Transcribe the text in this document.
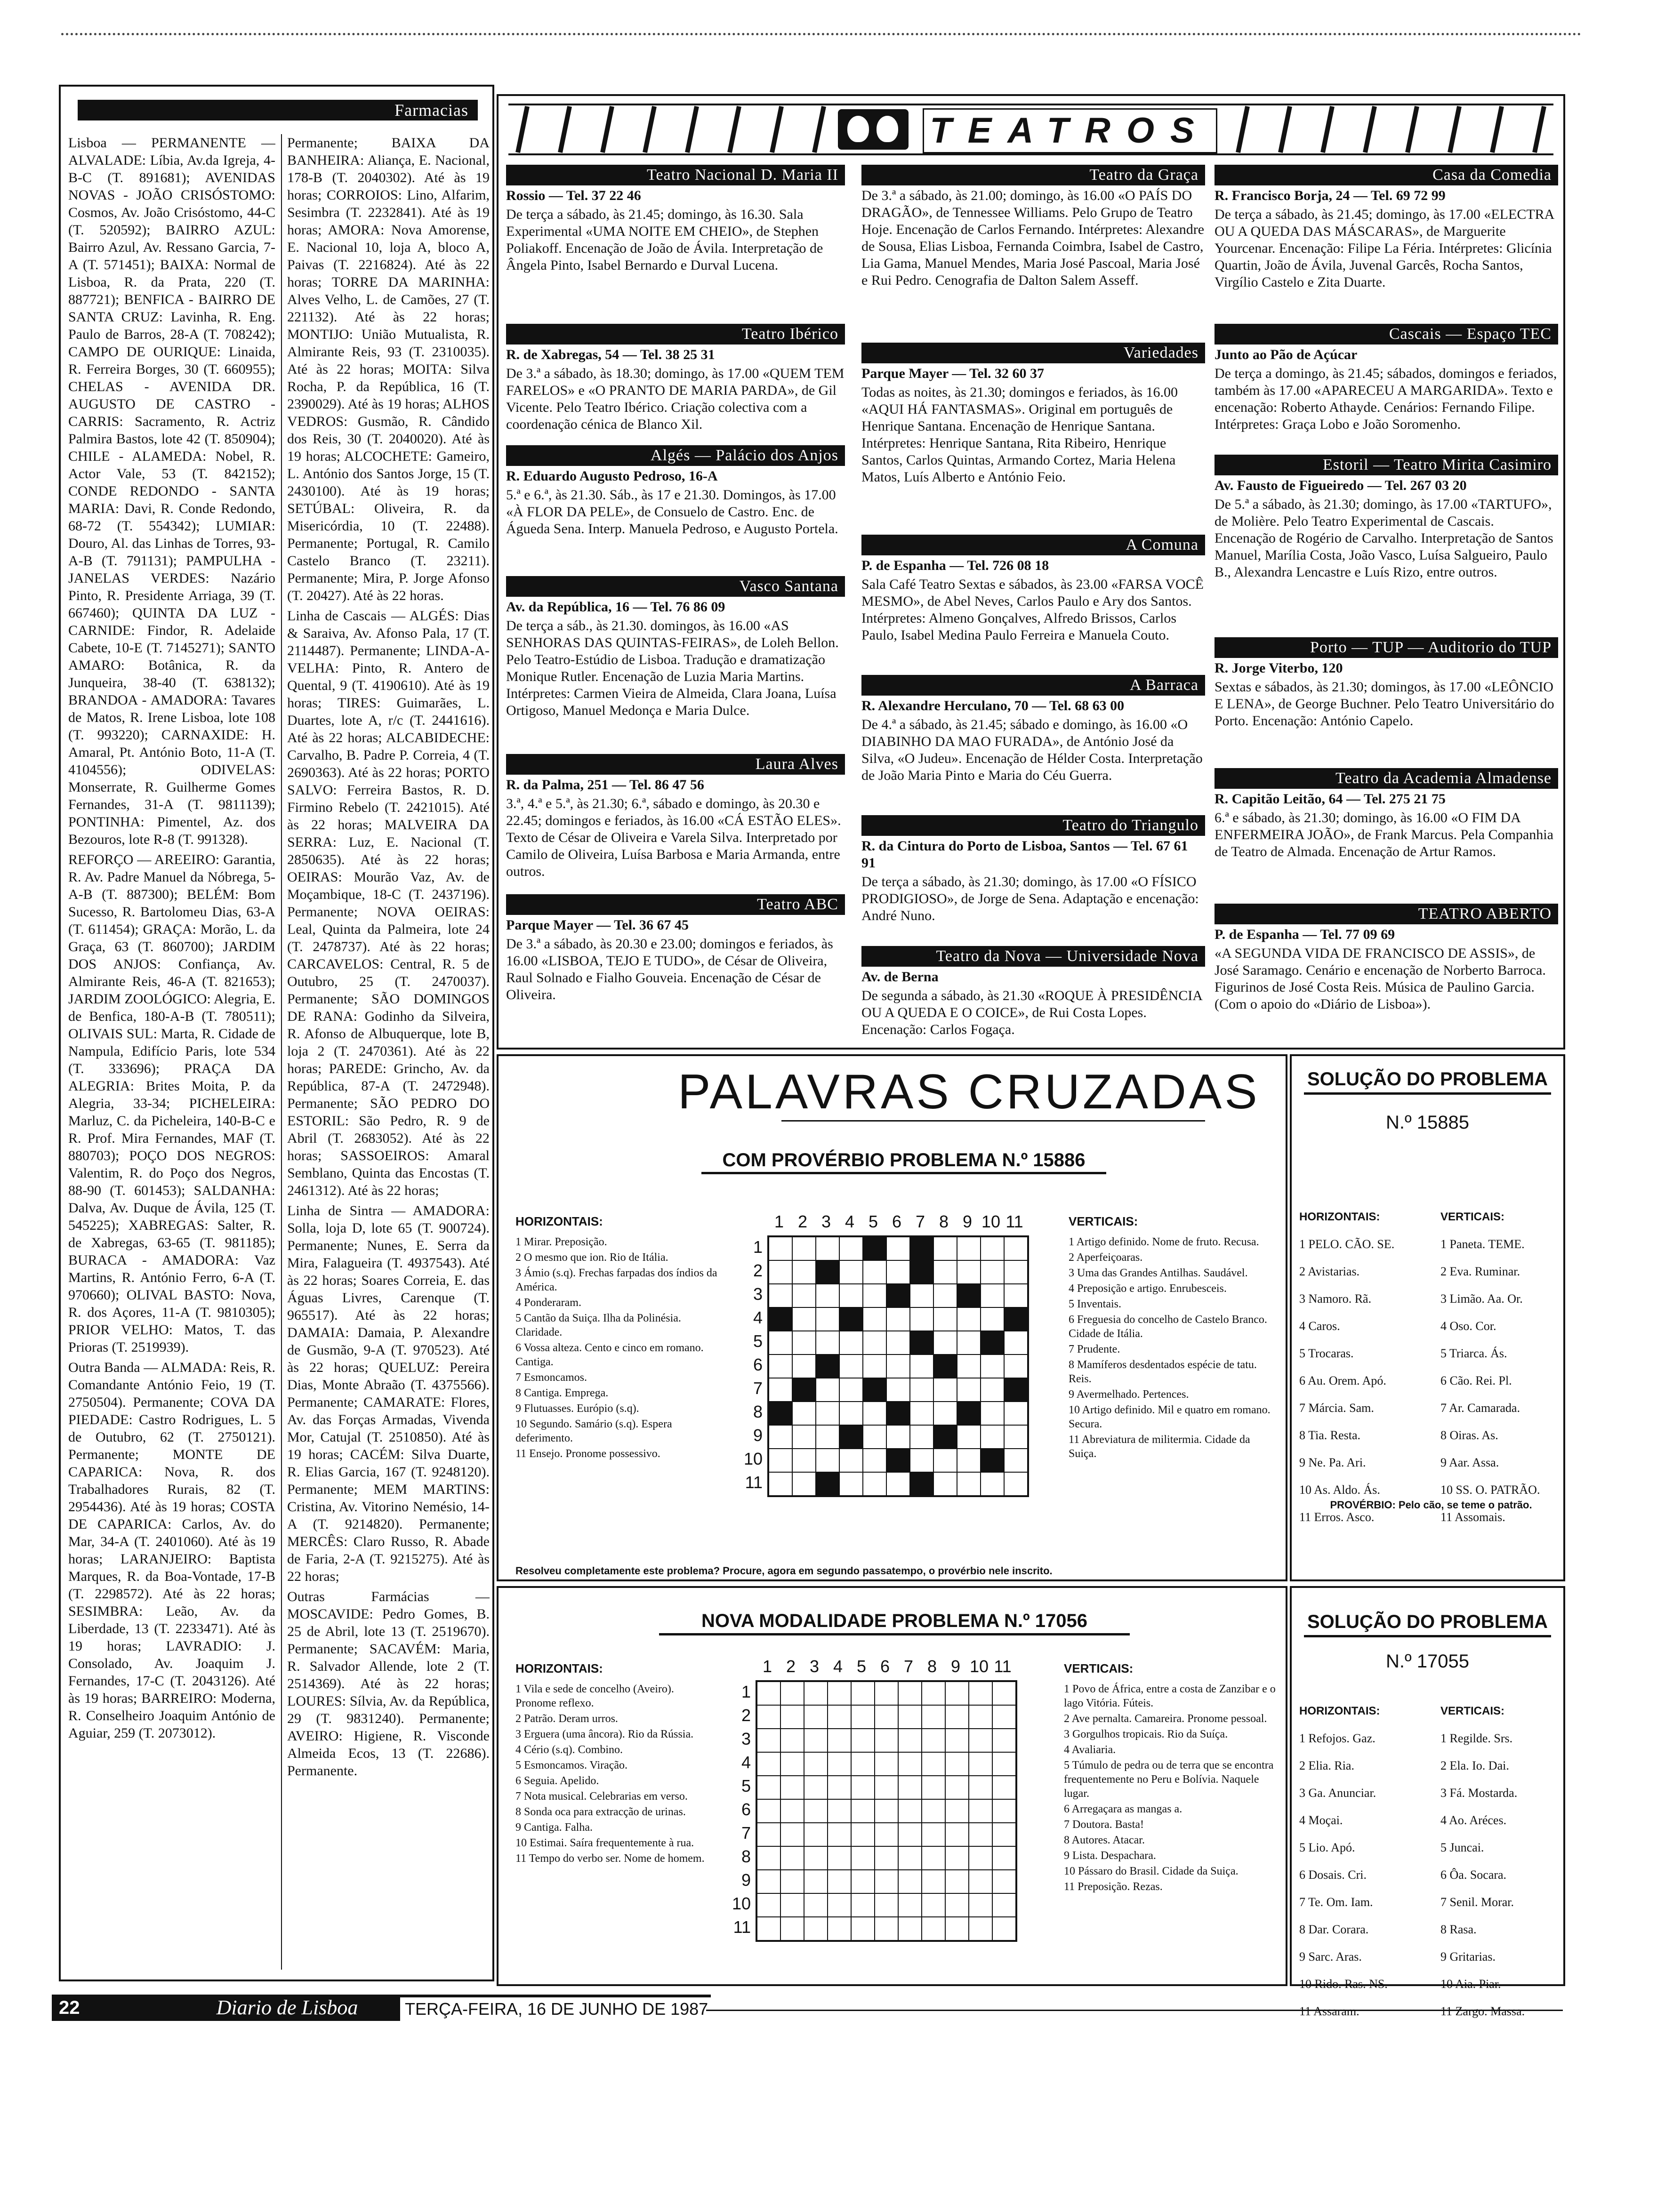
Farmacias

Lisboa — PERMANENTE — ALVALADE: Líbia, Av.da Igreja, 4-B-C (T. 891681); AVENIDAS NOVAS - JOÃO CRISÓSTOMO: Cosmos, Av. João Crisóstomo, 44-C (T. 520592); BAIRRO AZUL: Bairro Azul, Av. Ressano Garcia, 7-A (T. 571451); BAIXA: Normal de Lisboa, R. da Prata, 220 (T. 887721); BENFICA - BAIRRO DE SANTA CRUZ: Lavinha, R. Eng. Paulo de Barros, 28-A (T. 708242); CAMPO DE OURIQUE: Linaida, R. Ferreira Borges, 30 (T. 660955); CHELAS - AVENIDA DR. AUGUSTO DE CASTRO - CARRIS: Sacramento, R. Actriz Palmira Bastos, lote 42 (T. 850904); CHILE - ALAMEDA: Nobel, R. Actor Vale, 53 (T. 842152); CONDE REDONDO - SANTA MARIA: Davi, R. Conde Redondo, 68-72 (T. 554342); LUMIAR: Douro, Al. das Linhas de Torres, 93-A-B (T. 791131); PAMPULHA - JANELAS VERDES: Nazário Pinto, R. Presidente Arriaga, 39 (T. 667460); QUINTA DA LUZ - CARNIDE: Findor, R. Adelaide Cabete, 10-E (T. 7145271); SANTO AMARO: Botânica, R. da Junqueira, 38-40 (T. 638132); BRANDOA - AMADORA: Tavares de Matos, R. Irene Lisboa, lote 108 (T. 993220); CARNAXIDE: H. Amaral, Pt. António Boto, 11-A (T. 4104556); ODIVELAS: Monserrate, R. Guilherme Gomes Fernandes, 31-A (T. 9811139); PONTINHA: Pimentel, Az. dos Bezouros, lote R-8 (T. 991328).

REFORÇO — AREEIRO: Garantia, R. Av. Padre Manuel da Nóbrega, 5-A-B (T. 887300); BELÉM: Bom Sucesso, R. Bartolomeu Dias, 63-A (T. 611454); GRAÇA: Morão, L. da Graça, 63 (T. 860700); JARDIM DOS ANJOS: Confiança, Av. Almirante Reis, 46-A (T. 821653); JARDIM ZOOLÓGICO: Alegria, E. de Benfica, 180-A-B (T. 780511); OLIVAIS SUL: Marta, R. Cidade de Nampula, Edifício Paris, lote 534 (T. 333696); PRAÇA DA ALEGRIA: Brites Moita, P. da Alegria, 33-34; PICHELEIRA: Marluz, C. da Picheleira, 140-B-C e R. Prof. Mira Fernandes, MAF (T. 880703); POÇO DOS NEGROS: Valentim, R. do Poço dos Negros, 88-90 (T. 601453); SALDANHA: Dalva, Av. Duque de Ávila, 125 (T. 545225); XABREGAS: Salter, R. de Xabregas, 63-65 (T. 981185); BURACA - AMADORA: Vaz Martins, R. António Ferro, 6-A (T. 970660); OLIVAL BASTO: Nova, R. dos Açores, 11-A (T. 9810305); PRIOR VELHO: Matos, T. das Prioras (T. 2519939).

Outra Banda — ALMADA: Reis, R. Comandante António Feio, 19 (T. 2750504). Permanente; COVA DA PIEDADE: Castro Rodrigues, L. 5 de Outubro, 62 (T. 2750121). Permanente; MONTE DE CAPARICA: Nova, R. dos Trabalhadores Rurais, 82 (T. 2954436). Até às 19 horas; COSTA DE CAPARICA: Carlos, Av. do Mar, 34-A (T. 2401060). Até às 19 horas; LARANJEIRO: Baptista Marques, R. da Boa-Vontade, 17-B (T. 2298572). Até às 22 horas; SESIMBRA: Leão, Av. da Liberdade, 13 (T. 2233471). Até às 19 horas; LAVRADIO: J. Consolado, Av. Joaquim J. Fernandes, 17-C (T. 2043126). Até às 19 horas; BARREIRO: Moderna, R. Conselheiro Joaquim António de Aguiar, 259 (T. 2073012).

Permanente; BAIXA DA BANHEIRA: Aliança, E. Nacional, 178-B (T. 2040302). Até às 19 horas; CORROIOS: Lino, Alfarim, Sesimbra (T. 2232841). Até às 19 horas; AMORA: Nova Amorense, E. Nacional 10, loja A, bloco A, Paivas (T. 2216824). Até às 22 horas; TORRE DA MARINHA: Alves Velho, L. de Camões, 27 (T. 221132). Até às 22 horas; MONTIJO: União Mutualista, R. Almirante Reis, 93 (T. 2310035). Até às 22 horas; MOITA: Silva Rocha, P. da República, 16 (T. 2390029). Até às 19 horas; ALHOS VEDROS: Gusmão, R. Cândido dos Reis, 30 (T. 2040020). Até às 19 horas; ALCOCHETE: Gameiro, L. António dos Santos Jorge, 15 (T. 2430100). Até às 19 horas; SETÚBAL: Oliveira, R. da Misericórdia, 10 (T. 22488). Permanente; Portugal, R. Camilo Castelo Branco (T. 23211). Permanente; Mira, P. Jorge Afonso (T. 20427). Até às 22 horas.

Linha de Cascais — ALGÉS: Dias & Saraiva, Av. Afonso Pala, 17 (T. 2114487). Permanente; LINDA-A-VELHA: Pinto, R. Antero de Quental, 9 (T. 4190610). Até às 19 horas; TIRES: Guimarães, L. Duartes, lote A, r/c (T. 2441616). Até às 22 horas; ALCABIDECHE: Carvalho, B. Padre P. Correia, 4 (T. 2690363). Até às 22 horas; PORTO SALVO: Ferreira Bastos, R. D. Firmino Rebelo (T. 2421015). Até às 22 horas; MALVEIRA DA SERRA: Luz, E. Nacional (T. 2850635). Até às 22 horas; OEIRAS: Mourão Vaz, Av. de Moçambique, 18-C (T. 2437196). Permanente; NOVA OEIRAS: Leal, Quinta da Palmeira, lote 24 (T. 2478737). Até às 22 horas; CARCAVELOS: Central, R. 5 de Outubro, 25 (T. 2470037). Permanente; SÃO DOMINGOS DE RANA: Godinho da Silveira, R. Afonso de Albuquerque, lote B, loja 2 (T. 2470361). Até às 22 horas; PAREDE: Grincho, Av. da República, 87-A (T. 2472948). Permanente; SÃO PEDRO DO ESTORIL: São Pedro, R. 9 de Abril (T. 2683052). Até às 22 horas; SASSOEIROS: Amaral Semblano, Quinta das Encostas (T. 2461312). Até às 22 horas;

Linha de Sintra — AMADORA: Solla, loja D, lote 65 (T. 900724). Permanente; Nunes, E. Serra da Mira, Falagueira (T. 4937543). Até às 22 horas; Soares Correia, E. das Águas Livres, Carenque (T. 965517). Até às 22 horas; DAMAIA: Damaia, P. Alexandre de Gusmão, 9-A (T. 970523). Até às 22 horas; QUELUZ: Pereira Dias, Monte Abraão (T. 4375566). Permanente; CAMARATE: Flores, Av. das Forças Armadas, Vivenda Mor, Catujal (T. 2510850). Até às 19 horas; CACÉM: Silva Duarte, R. Elias Garcia, 167 (T. 9248120). Permanente; MEM MARTINS: Cristina, Av. Vitorino Nemésio, 14-A (T. 9214820). Permanente; MERCÊS: Claro Russo, R. Abade de Faria, 2-A (T. 9215275). Até às 22 horas;

Outras Farmácias — MOSCAVIDE: Pedro Gomes, B. 25 de Abril, lote 13 (T. 2519670). Permanente; SACAVÉM: Maria, R. Salvador Allende, lote 2 (T. 2514369). Até às 22 horas; LOURES: Sílvia, Av. da República, 29 (T. 9831240). Permanente; AVEIRO: Higiene, R. Visconde Almeida Ecos, 13 (T. 22686). Permanente.

TEATROS
Teatro Nacional D. Maria II

Rossio — Tel. 37 22 46

De terça a sábado, às 21.45; domingo, às 16.30. Sala Experimental «UMA NOITE EM CHEIO», de Stephen Poliakoff. Encenação de João de Ávila. Interpretação de Ângela Pinto, Isabel Bernardo e Durval Lucena.

Teatro Ibérico

R. de Xabregas, 54 — Tel. 38 25 31

De 3.ª a sábado, às 18.30; domingo, às 17.00 «QUEM TEM FARELOS» e «O PRANTO DE MARIA PARDA», de Gil Vicente. Pelo Teatro Ibérico. Criação colectiva com a coordenação cénica de Blanco Xil.

Algés — Palácio dos Anjos

R. Eduardo Augusto Pedroso, 16-A

5.ª e 6.ª, às 21.30. Sáb., às 17 e 21.30. Domingos, às 17.00 «À FLOR DA PELE», de Consuelo de Castro. Enc. de Águeda Sena. Interp. Manuela Pedroso, e Augusto Portela.

Vasco Santana

Av. da República, 16 — Tel. 76 86 09

De terça a sáb., às 21.30. domingos, às 16.00 «AS SENHORAS DAS QUINTAS-FEIRAS», de Loleh Bellon. Pelo Teatro-Estúdio de Lisboa. Tradução e dramatização Monique Rutler. Encenação de Luzia Maria Martins. Intérpretes: Carmen Vieira de Almeida, Clara Joana, Luísa Ortigoso, Manuel Medonça e Maria Dulce.

Laura Alves

R. da Palma, 251 — Tel. 86 47 56

3.ª, 4.ª e 5.ª, às 21.30; 6.ª, sábado e domingo, às 20.30 e 22.45; domingos e feriados, às 16.00 «CÁ ESTÃO ELES». Texto de César de Oliveira e Varela Silva. Interpretado por Camilo de Oliveira, Luísa Barbosa e Maria Armanda, entre outros.

Teatro ABC

Parque Mayer — Tel. 36 67 45

De 3.ª a sábado, às 20.30 e 23.00; domingos e feriados, às 16.00 «LISBOA, TEJO E TUDO», de César de Oliveira, Raul Solnado e Fialho Gouveia. Encenação de César de Oliveira.

Teatro da Graça

De 3.ª a sábado, às 21.00; domingo, às 16.00 «O PAÍS DO DRAGÃO», de Tennessee Williams. Pelo Grupo de Teatro Hoje. Encenação de Carlos Fernando. Intérpretes: Alexandre de Sousa, Elias Lisboa, Fernanda Coimbra, Isabel de Castro, Lia Gama, Manuel Mendes, Maria José Pascoal, Maria José e Rui Pedro. Cenografia de Dalton Salem Asseff.

Variedades

Parque Mayer — Tel. 32 60 37

Todas as noites, às 21.30; domingos e feriados, às 16.00 «AQUI HÁ FANTASMAS». Original em português de Henrique Santana. Encenação de Henrique Santana. Intérpretes: Henrique Santana, Rita Ribeiro, Henrique Santos, Carlos Quintas, Armando Cortez, Maria Helena Matos, Luís Alberto e António Feio.

A Comuna

P. de Espanha — Tel. 726 08 18

Sala Café Teatro Sextas e sábados, às 23.00 «FARSA VOCÊ MESMO», de Abel Neves, Carlos Paulo e Ary dos Santos. Intérpretes: Almeno Gonçalves, Alfredo Brissos, Carlos Paulo, Isabel Medina Paulo Ferreira e Manuela Couto.

A Barraca

R. Alexandre Herculano, 70 — Tel. 68 63 00

De 4.ª a sábado, às 21.45; sábado e domingo, às 16.00 «O DIABINHO DA MAO FURADA», de António José da Silva, «O Judeu». Encenação de Hélder Costa. Interpretação de João Maria Pinto e Maria do Céu Guerra.

Teatro do Triangulo

R. da Cintura do Porto de Lisboa, Santos — Tel. 67 61 91

De terça a sábado, às 21.30; domingo, às 17.00 «O FÍSICO PRODIGIOSO», de Jorge de Sena. Adaptação e encenação: André Nuno.

Teatro da Nova — Universidade Nova

Av. de Berna

De segunda a sábado, às 21.30 «ROQUE À PRESIDÊNCIA OU A QUEDA E O COICE», de Rui Costa Lopes. Encenação: Carlos Fogaça.

Casa da Comedia

R. Francisco Borja, 24 — Tel. 69 72 99

De terça a sábado, às 21.45; domingo, às 17.00 «ELECTRA OU A QUEDA DAS MÁSCARAS», de Marguerite Yourcenar. Encenação: Filipe La Féria. Intérpretes: Glicínia Quartin, João de Ávila, Juvenal Garcês, Rocha Santos, Virgílio Castelo e Zita Duarte.

Cascais — Espaço TEC

Junto ao Pão de Açúcar

De terça a domingo, às 21.45; sábados, domingos e feriados, também às 17.00 «APARECEU A MARGARIDA». Texto e encenação: Roberto Athayde. Cenários: Fernando Filipe. Intérpretes: Graça Lobo e João Soromenho.

Estoril — Teatro Mirita Casimiro

Av. Fausto de Figueiredo — Tel. 267 03 20

De 5.ª a sábado, às 21.30; domingo, às 17.00 «TARTUFO», de Molière. Pelo Teatro Experimental de Cascais. Encenação de Rogério de Carvalho. Interpretação de Santos Manuel, Marília Costa, João Vasco, Luísa Salgueiro, Paulo B., Alexandra Lencastre e Luís Rizo, entre outros.

Porto — TUP — Auditorio do TUP

R. Jorge Viterbo, 120

Sextas e sábados, às 21.30; domingos, às 17.00 «LEÔNCIO E LENA», de George Buchner. Pelo Teatro Universitário do Porto. Encenação: António Capelo.

Teatro da Academia Almadense

R. Capitão Leitão, 64 — Tel. 275 21 75

6.ª e sábado, às 21.30; domingo, às 16.00 «O FIM DA ENFERMEIRA JOÃO», de Frank Marcus. Pela Companhia de Teatro de Almada. Encenação de Artur Ramos.

TEATRO ABERTO

P. de Espanha — Tel. 77 09 69

«A SEGUNDA VIDA DE FRANCISCO DE ASSIS», de José Saramago. Cenário e encenação de Norberto Barroca. Figurinos de José Costa Reis. Música de Paulino Garcia. (Com o apoio do «Diário de Lisboa»).

PALAVRAS CRUZADAS
COM PROVÉRBIO PROBLEMA N.º 15886

HORIZONTAIS:

1 Mirar. Preposição.

2 O mesmo que ion. Rio de Itália.

3 Ámio (s.q). Frechas farpadas dos índios da América.

4 Ponderaram.

5 Cantão da Suiça. Ilha da Polinésia. Claridade.

6 Vossa alteza. Cento e cinco em romano. Cantiga.

7 Esmoncamos.

8 Cantiga. Emprega.

9 Flutuasses. Európio (s.q).

10 Segundo. Samário (s.q). Espera deferimento.

11 Ensejo. Pronome possessivo.

1 2 3 4 5 6 7 8 9 10 11
1
2
3
4
5
6
7
8
9
10
11

VERTICAIS:

1 Artigo definido. Nome de fruto. Recusa.

2 Aperfeiçoaras.

3 Uma das Grandes Antilhas. Saudável.

4 Preposição e artigo. Enrubesceis.

5 Inventais.

6 Freguesia do concelho de Castelo Branco. Cidade de Itália.

7 Prudente.

8 Mamíferos desdentados espécie de tatu. Reis.

9 Avermelhado. Pertences.

10 Artigo definido. Mil e quatro em romano. Secura.

11 Abreviatura de militermia. Cidade da Suiça.

Resolveu completamente este problema? Procure, agora em segundo passatempo, o provérbio nele inscrito.
SOLUÇÃO DO PROBLEMA
N.º 15885

HORIZONTAIS:

1 PELO. CÃO. SE.

2 Avistarias.

3 Namoro. Rã.

4 Caros.

5 Trocaras.

6 Au. Orem. Apó.

7 Márcia. Sam.

8 Tia. Resta.

9 Ne. Pa. Ari.

10 As. Aldo. Ás.

11 Erros. Asco.

VERTICAIS:

1 Paneta. TEME.

2 Eva. Ruminar.

3 Limão. Aa. Or.

4 Oso. Cor.

5 Triarca. Ás.

6 Cão. Rei. Pl.

7 Ar. Camarada.

8 Oiras. As.

9 Aar. Assa.

10 SS. O. PATRÃO.

11 Assomais.

PROVÉRBIO: Pelo cão, se teme o patrão.
NOVA MODALIDADE PROBLEMA N.º 17056

HORIZONTAIS:

1 Vila e sede de concelho (Aveiro). Pronome reflexo.

2 Patrão. Deram urros.

3 Erguera (uma âncora). Rio da Rússia.

4 Cério (s.q). Combino.

5 Esmoncamos. Viração.

6 Seguia. Apelido.

7 Nota musical. Celebrarias em verso.

8 Sonda oca para extracção de urinas.

9 Cantiga. Falha.

10 Estimai. Saíra frequentemente à rua.

11 Tempo do verbo ser. Nome de homem.

1 2 3 4 5 6 7 8 9 10 11
1
2
3
4
5
6
7
8
9
10
11

VERTICAIS:

1 Povo de África, entre a costa de Zanzibar e o lago Vitória. Fúteis.

2 Ave pernalta. Camareira. Pronome pessoal.

3 Gorgulhos tropicais. Rio da Suíça.

4 Avaliaria.

5 Túmulo de pedra ou de terra que se encontra frequentemente no Peru e Bolívia. Naquele lugar.

6 Arregaçara as mangas a.

7 Doutora. Basta!

8 Autores. Atacar.

9 Lista. Despachara.

10 Pássaro do Brasil. Cidade da Suiça.

11 Preposição. Rezas.

SOLUÇÃO DO PROBLEMA
N.º 17055

HORIZONTAIS:

1 Refojos. Gaz.

2 Elia. Ria.

3 Ga. Anunciar.

4 Moçai.

5 Lio. Apó.

6 Dosais. Cri.

7 Te. Om. Iam.

8 Dar. Corara.

9 Sarc. Aras.

10 Rido. Ras. NS.

11 Assaram.

VERTICAIS:

1 Regilde. Srs.

2 Ela. Io. Dai.

3 Fá. Mostarda.

4 Ao. Aréces.

5 Juncai.

6 Ôa. Socara.

7 Senil. Morar.

8 Rasa.

9 Gritarias.

10 Aia. Piar.

11 Zargo. Massa.

22	Diario de Lisboa	TERÇA-FEIRA, 16 DE JUNHO DE 1987
